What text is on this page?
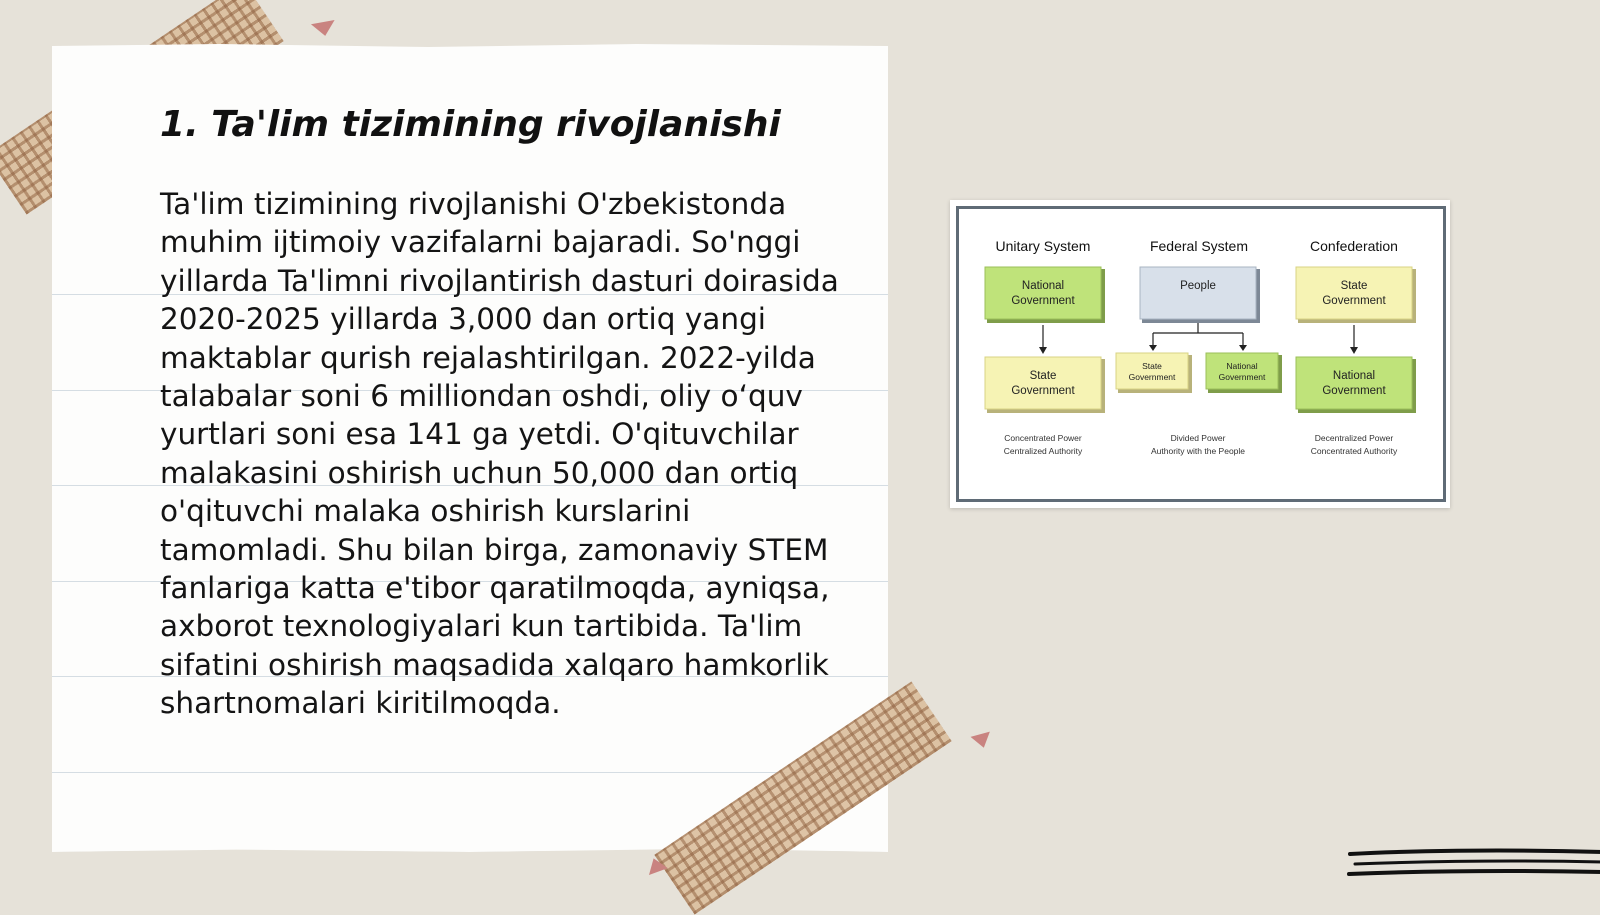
1. Ta'lim tizimining rivojlanishi

Ta'lim tizimining rivojlanishi O'zbekistonda muhim ijtimoiy vazifalarni bajaradi. So'nggi yillarda Ta'limni rivojlantirish dasturi doirasida 2020-2025 yillarda 3,000 dan ortiq yangi maktablar qurish rejalashtirilgan. 2022-yilda talabalar soni 6 milliondan oshdi, oliy o‘quv yurtlari soni esa 141 ga yetdi. O'qituvchilar malakasini oshirish uchun 50,000 dan ortiq o'qituvchi malaka oshirish kurslarini tamomladi. Shu bilan birga, zamonaviy STEM fanlariga katta e'tibor qaratilmoqda, ayniqsa, axborot texnologiyalari kun tartibida. Ta'lim sifatini oshirish maqsadida xalqaro hamkorlik shartnomalari kiritilmoqda.

Unitary System	Federal System	Confederation
National
Government
State
Government
Concentrated Power
Centralized Authority
People
State
Government
National
Government
Divided Power
Authority with the People
State
Government
National
Government
Decentralized Power
Concentrated Authority
